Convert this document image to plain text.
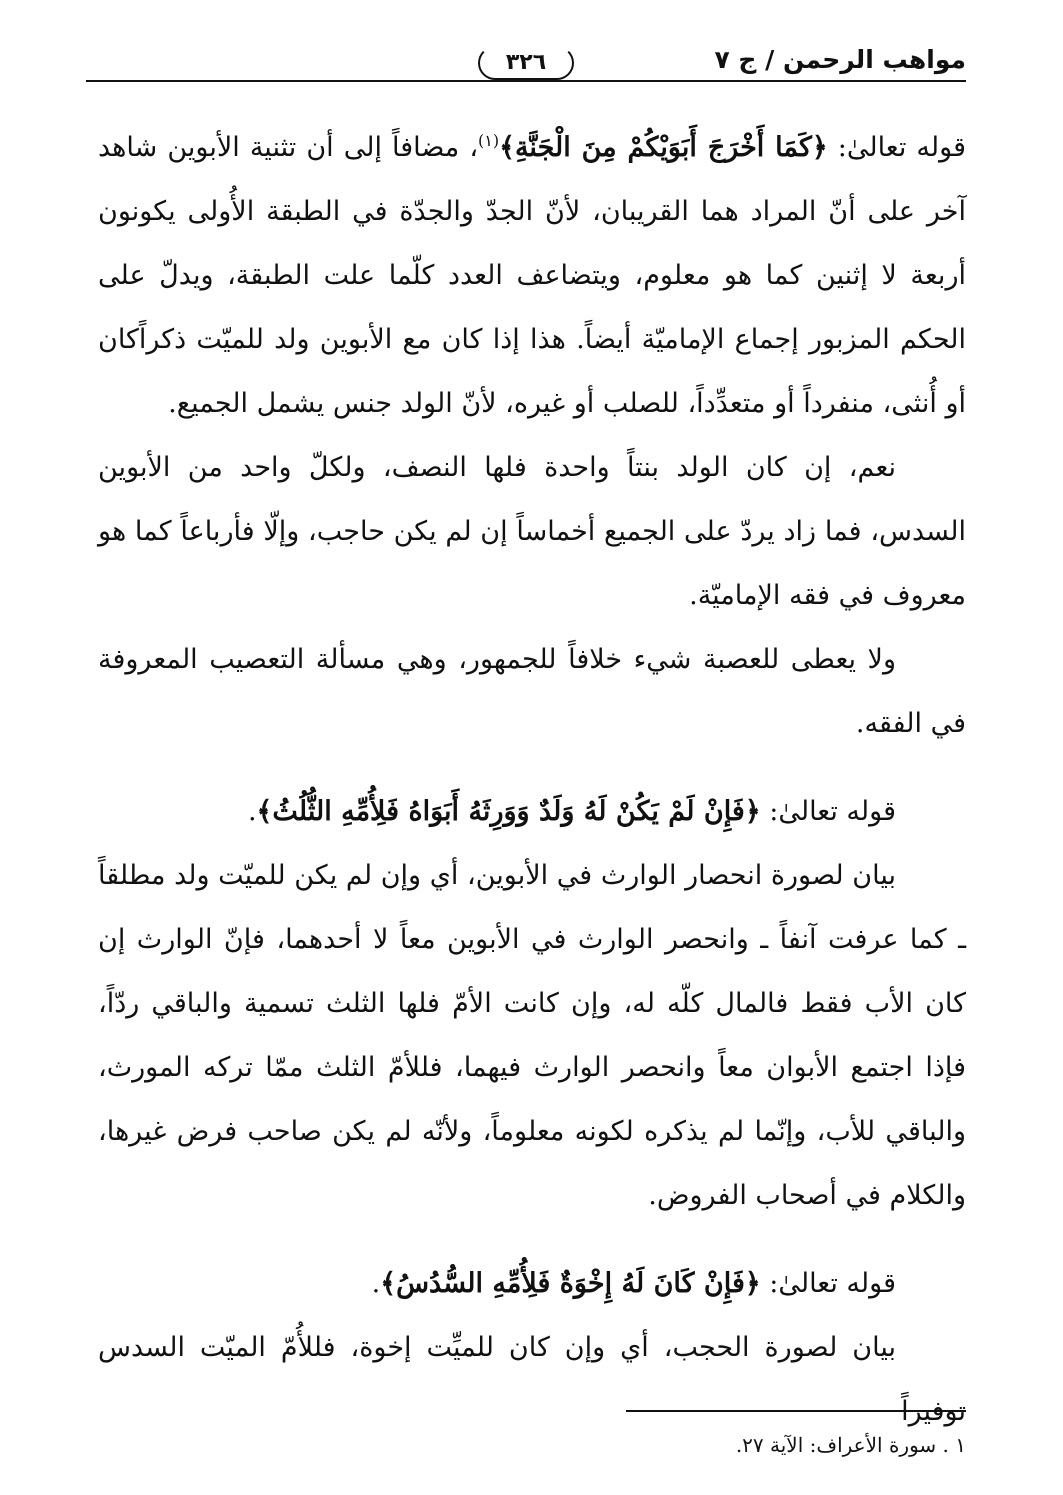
مواهب الرحمن / ج ٧
٣٢٦

قوله تعالىٰ: ﴿كَمَا أَخْرَجَ أَبَوَيْكُمْ مِنَ الْجَنَّةِ﴾$^{(١)}$، مضافاً إلى أن تثنية الأبوين شاهد آخر على أنّ المراد هما القريبان، لأنّ الجدّ والجدّة في الطبقة الأُولى يكونون أربعة لا إثنين كما هو معلوم، ويتضاعف العدد كلّما علت الطبقة، ويدلّ على الحكم المزبور إجماع الإماميّة أيضاً. هذا إذا كان مع الأبوين ولد للميّت ذكراًكان أو أُنثى، منفرداً أو متعدِّداً، للصلب أو غيره، لأنّ الولد جنس يشمل الجميع.

نعم، إن كان الولد بنتاً واحدة فلها النصف، ولكلّ واحد من الأبوين السدس، فما زاد يردّ على الجميع أخماساً إن لم يكن حاجب، وإلّا فأرباعاً كما هو معروف في فقه الإماميّة.

ولا يعطى للعصبة شيء خلافاً للجمهور، وهي مسألة التعصيب المعروفة في الفقه.

قوله تعالىٰ: ﴿فَإِنْ لَمْ يَكُنْ لَهُ وَلَدٌ وَوَرِثَهُ أَبَوَاهُ فَلِأُمِّهِ الثُّلُثُ﴾.

بيان لصورة انحصار الوارث في الأبوين، أي وإن لم يكن للميّت ولد مطلقاً ـ كما عرفت آنفاً ـ وانحصر الوارث في الأبوين معاً لا أحدهما، فإنّ الوارث إن كان الأب فقط فالمال كلّه له، وإن كانت الأمّ فلها الثلث تسمية والباقي ردّاً، فإذا اجتمع الأبوان معاً وانحصر الوارث فيهما، فللأمّ الثلث ممّا تركه المورث، والباقي للأب، وإنّما لم يذكره لكونه معلوماً، ولأنّه لم يكن صاحب فرض غيرها، والكلام في أصحاب الفروض.

قوله تعالىٰ: ﴿فَإِنْ كَانَ لَهُ إِخْوَةٌ فَلِأُمِّهِ السُّدُسُ﴾.

بيان لصورة الحجب، أي وإن كان للميِّت إخوة، فللأُمّ الميّت السدس توفيراً

١ . سورة الأعراف: الآية ٢٧.
